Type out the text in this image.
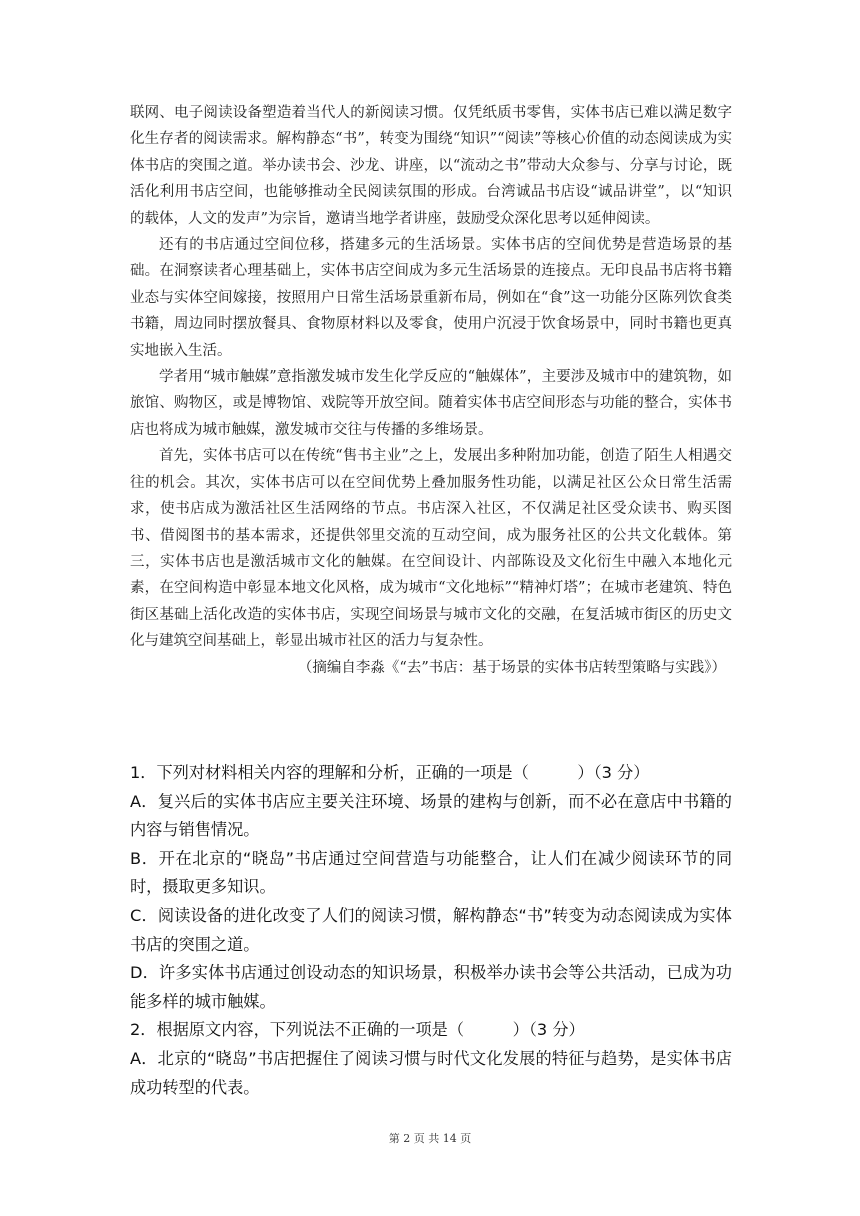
联网、电子阅读设备塑造着当代人的新阅读习惯。仅凭纸质书零售，实体书店已难以满足数字化生存者的阅读需求。解构静态“书”，转变为围绕“知识”“阅读”等核心价值的动态阅读成为实体书店的突围之道。举办读书会、沙龙、讲座，以“流动之书”带动大众参与、分享与讨论，既活化利用书店空间，也能够推动全民阅读氛围的形成。台湾诚品书店设“诚品讲堂”，以“知识的载体，人文的发声”为宗旨，邀请当地学者讲座，鼓励受众深化思考以延伸阅读。

还有的书店通过空间位移，搭建多元的生活场景。实体书店的空间优势是营造场景的基础。在洞察读者心理基础上，实体书店空间成为多元生活场景的连接点。无印良品书店将书籍业态与实体空间嫁接，按照用户日常生活场景重新布局，例如在“食”这一功能分区陈列饮食类书籍，周边同时摆放餐具、食物原材料以及零食，使用户沉浸于饮食场景中，同时书籍也更真实地嵌入生活。

学者用“城市触媒”意指激发城市发生化学反应的“触媒体”，主要涉及城市中的建筑物，如旅馆、购物区，或是博物馆、戏院等开放空间。随着实体书店空间形态与功能的整合，实体书店也将成为城市触媒，激发城市交往与传播的多维场景。

首先，实体书店可以在传统“售书主业”之上，发展出多种附加功能，创造了陌生人相遇交往的机会。其次，实体书店可以在空间优势上叠加服务性功能，以满足社区公众日常生活需求，使书店成为激活社区生活网络的节点。书店深入社区，不仅满足社区受众读书、购买图书、借阅图书的基本需求，还提供邻里交流的互动空间，成为服务社区的公共文化载体。第三，实体书店也是激活城市文化的触媒。在空间设计、内部陈设及文化衍生中融入本地化元素，在空间构造中彰显本地文化风格，成为城市“文化地标”“精神灯塔”；在城市老建筑、特色街区基础上活化改造的实体书店，实现空间场景与城市文化的交融，在复活城市街区的历史文化与建筑空间基础上，彰显出城市社区的活力与复杂性。

（摘编自李淼《“去”书店：基于场景的实体书店转型策略与实践》）

1．下列对材料相关内容的理解和分析，正确的一项是（　　　）（3 分）

A．复兴后的实体书店应主要关注环境、场景的建构与创新，而不必在意店中书籍的内容与销售情况。

B．开在北京的“晓岛”书店通过空间营造与功能整合，让人们在减少阅读环节的同时，摄取更多知识。

C．阅读设备的进化改变了人们的阅读习惯，解构静态“书”转变为动态阅读成为实体书店的突围之道。

D．许多实体书店通过创设动态的知识场景，积极举办读书会等公共活动，已成为功能多样的城市触媒。

2．根据原文内容，下列说法不正确的一项是（　　　）（3 分）

A．北京的“晓岛”书店把握住了阅读习惯与时代文化发展的特征与趋势，是实体书店成功转型的代表。

第 2 页 共 14 页
